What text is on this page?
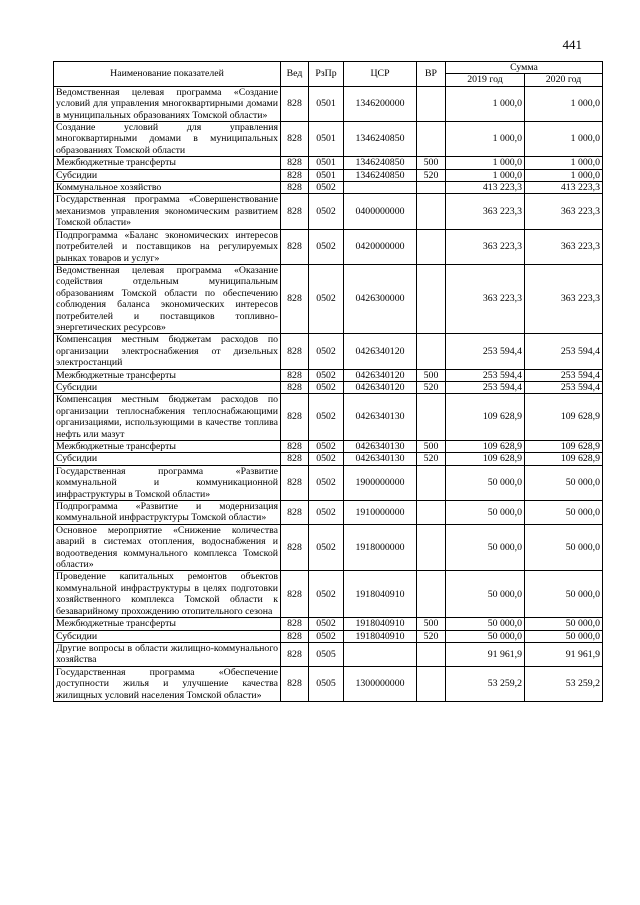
441
Наименование показателей	Вед	РзПр	ЦСР	ВР	Сумма	
					2019 год	2020 год
Ведомственная целевая программа «Создание условий для управления многоквартирными домами в муниципальных образованиях Томской области»	828	0501	1346200000		1 000,0	1 000,0
Создание условий для управления многоквартирными домами в муниципальных образованиях Томской области	828	0501	1346240850		1 000,0	1 000,0
Межбюджетные трансферты	828	0501	1346240850	500	1 000,0	1 000,0
Субсидии	828	0501	1346240850	520	1 000,0	1 000,0
Коммунальное хозяйство	828	0502			413 223,3	413 223,3
Государственная программа «Совершенствование механизмов управления экономическим развитием Томской области»	828	0502	0400000000		363 223,3	363 223,3
Подпрограмма «Баланс экономических интересов потребителей и поставщиков на регулируемых рынках товаров и услуг»	828	0502	0420000000		363 223,3	363 223,3
Ведомственная целевая программа «Оказание содействия отдельным муниципальным образованиям Томской области по обеспечению соблюдения баланса экономических интересов потребителей и поставщиков топливно-энергетических ресурсов»	828	0502	0426300000		363 223,3	363 223,3
Компенсация местным бюджетам расходов по организации электроснабжения от дизельных электростанций	828	0502	0426340120		253 594,4	253 594,4
Межбюджетные трансферты	828	0502	0426340120	500	253 594,4	253 594,4
Субсидии	828	0502	0426340120	520	253 594,4	253 594,4
Компенсация местным бюджетам расходов по организации теплоснабжения теплоснабжающими организациями, использующими в качестве топлива нефть или мазут	828	0502	0426340130		109 628,9	109 628,9
Межбюджетные трансферты	828	0502	0426340130	500	109 628,9	109 628,9
Субсидии	828	0502	0426340130	520	109 628,9	109 628,9
Государственная программа «Развитие коммунальной и коммуникационной инфраструктуры в Томской области»	828	0502	1900000000		50 000,0	50 000,0
Подпрограмма «Развитие и модернизация коммунальной инфраструктуры Томской области»	828	0502	1910000000		50 000,0	50 000,0
Основное мероприятие «Снижение количества аварий в системах отопления, водоснабжения и водоотведения коммунального комплекса Томской области»	828	0502	1918000000		50 000,0	50 000,0
Проведение капитальных ремонтов объектов коммунальной инфраструктуры в целях подготовки хозяйственного комплекса Томской области к безаварийному прохождению отопительного сезона	828	0502	1918040910		50 000,0	50 000,0
Межбюджетные трансферты	828	0502	1918040910	500	50 000,0	50 000,0
Субсидии	828	0502	1918040910	520	50 000,0	50 000,0
Другие вопросы в области жилищно-коммунального хозяйства	828	0505			91 961,9	91 961,9
Государственная программа «Обеспечение доступности жилья и улучшение качества жилищных условий населения Томской области»	828	0505	1300000000		53 259,2	53 259,2
